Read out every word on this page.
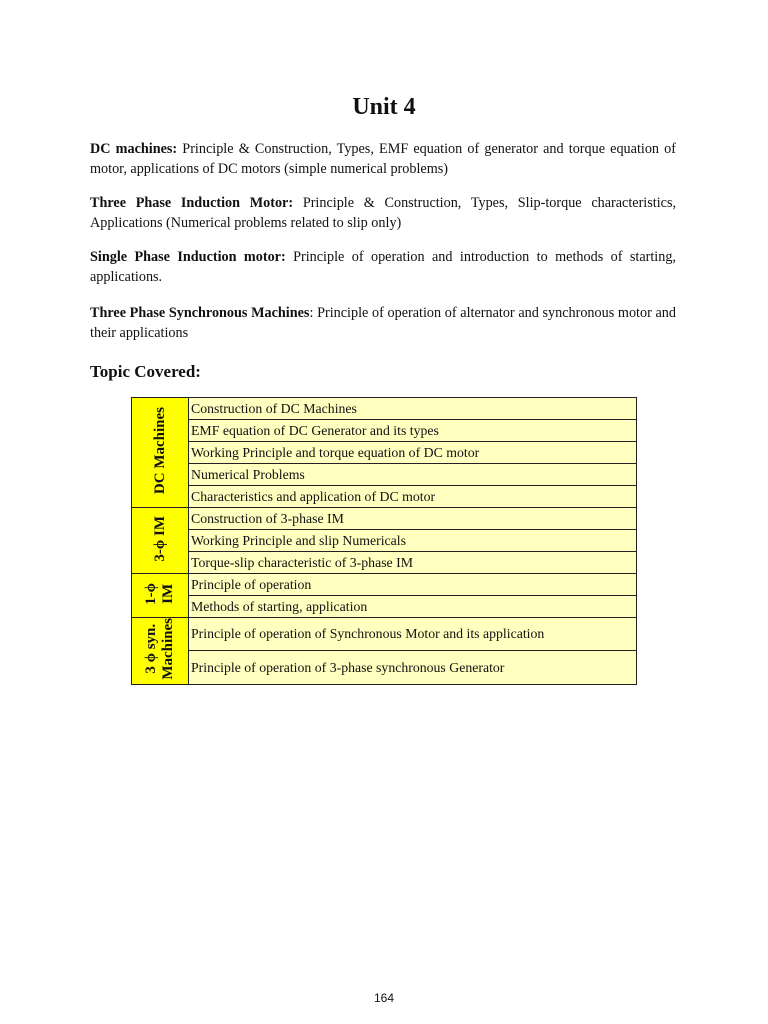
Unit 4

DC machines: Principle & Construction, Types, EMF equation of generator and torque equation of motor, applications of DC motors (simple numerical problems)

Three Phase Induction Motor: Principle & Construction, Types, Slip-torque characteristics, Applications (Numerical problems related to slip only)

Single Phase Induction motor: Principle of operation and introduction to methods of starting, applications.

Three Phase Synchronous Machines: Principle of operation of alternator and synchronous motor and their applications

Topic Covered:
DC Machines	Construction of DC Machines
	EMF equation of DC Generator and its types
	Working Principle and torque equation of DC motor
	Numerical Problems
	Characteristics and application of DC motor
3-ϕ IM	Construction of 3-phase IM
	Working Principle and slip Numericals
	Torque-slip characteristic of 3-phase IM
1-ϕ
IM	Principle of operation
	Methods of starting, application
3 ϕ syn.
Machines	Principle of operation of Synchronous Motor and its application
	Principle of operation of 3-phase synchronous Generator
164
